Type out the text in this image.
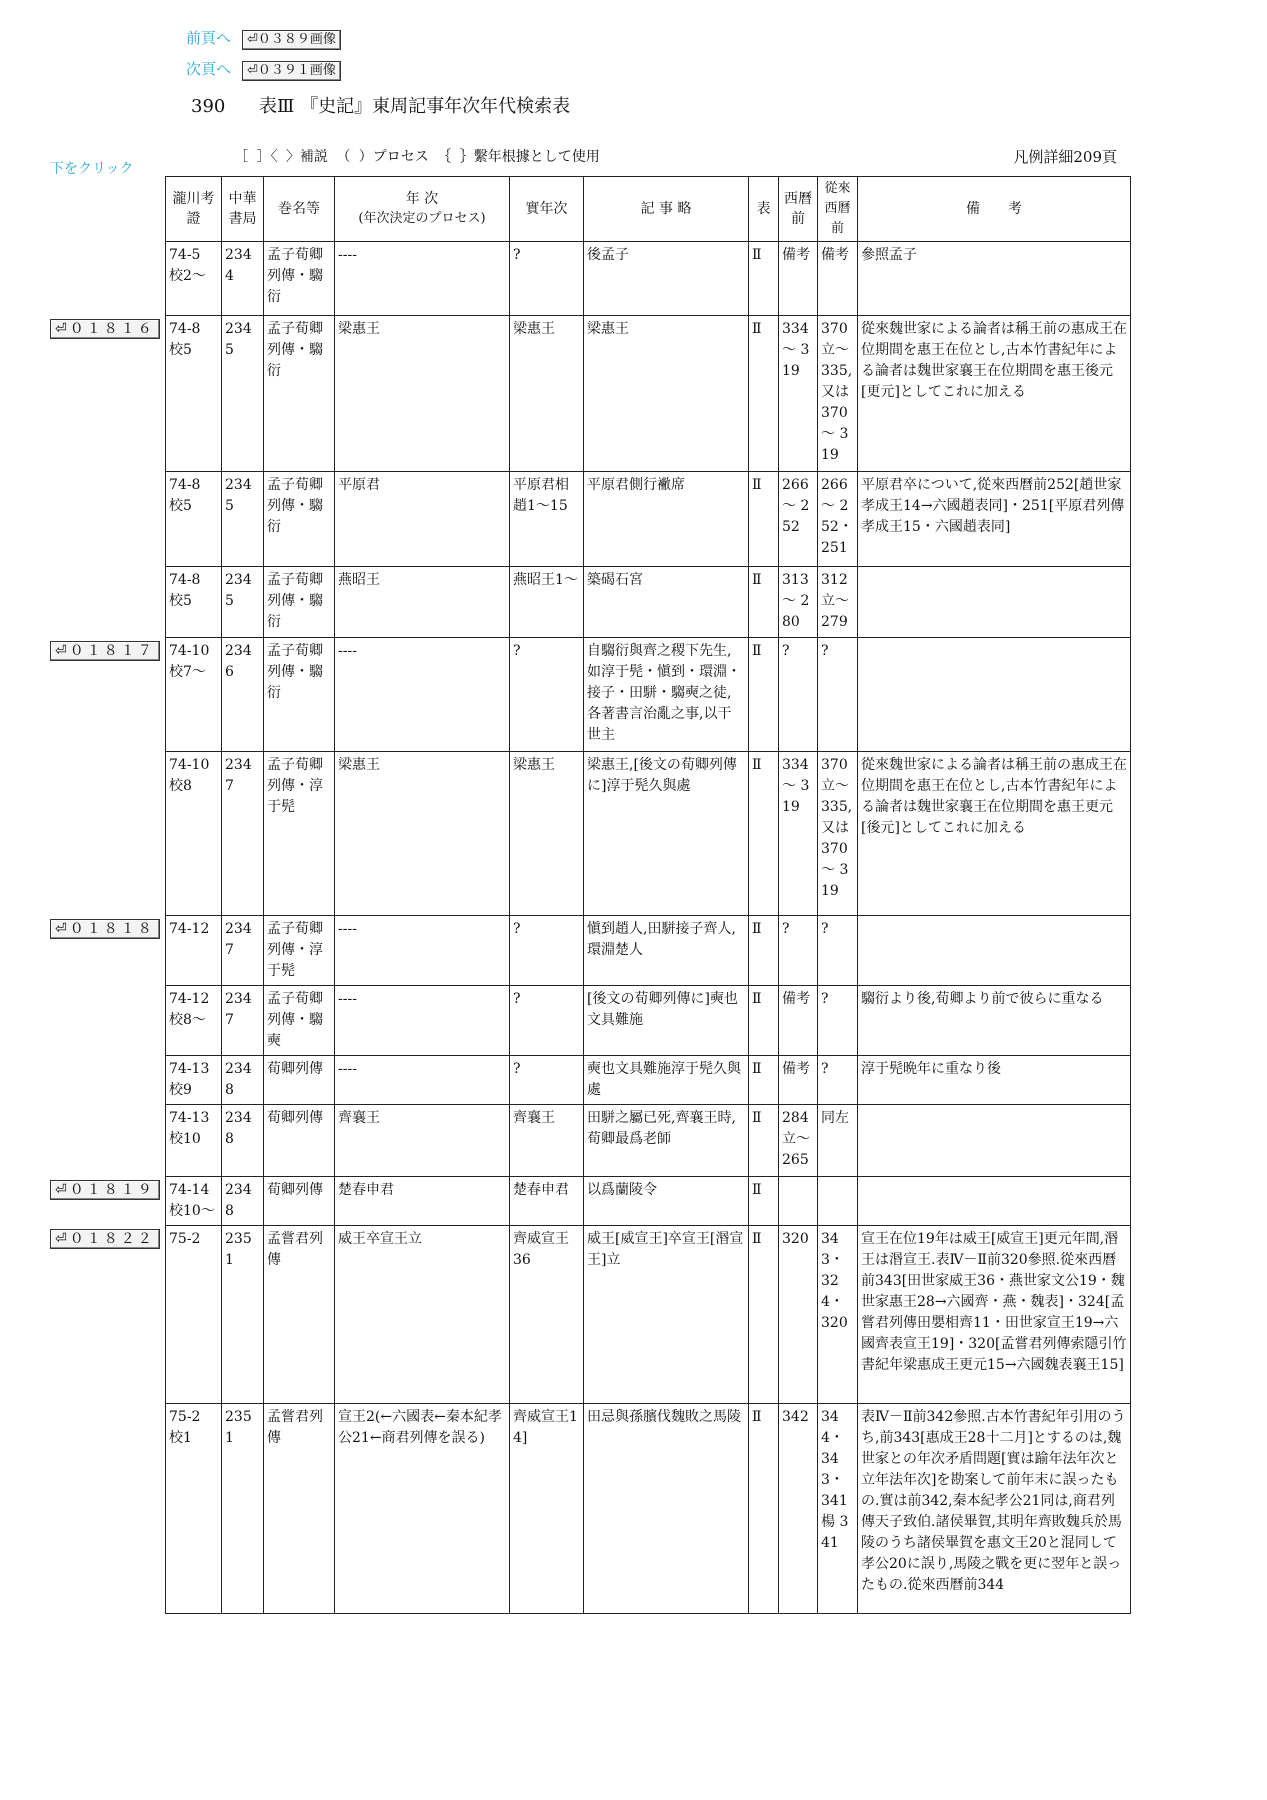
前頁へ ⏎０３８９画像
次頁へ ⏎０３９１画像
390 表Ⅲ 『史記』東周記事年次年代検索表
下をクリック
［ ］〈 〉補説 （ ）プロセス ｛ ｝繫年根據として使用	凡例詳細209頁
瀧川考證	中華書局	巻名等	年 次
(年次決定のプロセス)	實年次	記 事 略	表	西曆前	從來西曆前	備　　考
74-5 校2〜	2344	孟子荀卿列傳・騶衍	----	?	後孟子	Ⅱ	備考	備考	參照孟子
74-8 校5	2345	孟子荀卿列傳・騶衍	梁惠王	梁惠王	梁惠王	Ⅱ	334 〜 319	370 立〜 335, 又は 370 〜 319	從來魏世家による論者は稱王前の惠成王在位期間を惠王在位とし,古本竹書紀年による論者は魏世家襄王在位期間を惠王後元[更元]としてこれに加える
74-8 校5	2345	孟子荀卿列傳・騶衍	平原君	平原君相趙1〜15	平原君側行襒席	Ⅱ	266 〜 252	266 〜 252・ 251	平原君卒について,從來西曆前252[趙世家孝成王14→六國趙表同]・251[平原君列傳孝成王15・六國趙表同]
74-8 校5	2345	孟子荀卿列傳・騶衍	燕昭王	燕昭王1〜	築碣石宮	Ⅱ	313 〜 280	312 立〜 279	
74-10 校7〜	2346	孟子荀卿列傳・騶衍	----	?	自騶衍與齊之稷下先生,如淳于髡・愼到・環淵・接子・田駢・騶奭之徒,各著書言治亂之事,以干世主	Ⅱ	?	?	
74-10 校8	2347	孟子荀卿列傳・淳于髡	梁惠王	梁惠王	梁惠王,[後文の荀卿列傳に]淳于髡久與處	Ⅱ	334 〜 319	370 立〜 335, 又は 370 〜 319	從來魏世家による論者は稱王前の惠成王在位期間を惠王在位とし,古本竹書紀年による論者は魏世家襄王在位期間を惠王更元[後元]としてこれに加える
74-12	2347	孟子荀卿列傳・淳于髡	----	?	愼到趙人,田駢接子齊人,環淵楚人	Ⅱ	?	?	
74-12 校8〜	2347	孟子荀卿列傳・騶奭	----	?	[後文の荀卿列傳に]奭也文具難施	Ⅱ	備考	?	騶衍より後,荀卿より前で彼らに重なる
74-13 校9	2348	荀卿列傳	----	?	奭也文具難施淳于髡久與處	Ⅱ	備考	?	淳于髡晩年に重なり後
74-13 校10	2348	荀卿列傳	齊襄王	齊襄王	田駢之屬已死,齊襄王時,荀卿最爲老師	Ⅱ	284 立〜 265	同左	
74-14 校10〜	2348	荀卿列傳	楚春申君	楚春申君	以爲蘭陵令	Ⅱ			
75-2	2351	孟嘗君列傳	威王卒宣王立	齊威宣王 36	威王[威宣王]卒宣王[湣宣王]立	Ⅱ	320	343・ 324・ 320	宣王在位19年は威王[威宣王]更元年間,湣王は湣宣王.表Ⅳ－Ⅱ前320參照.從來西曆前343[田世家威王36・燕世家文公19・魏世家惠王28→六國齊・燕・魏表]・324[孟嘗君列傳田嬰相齊11・田世家宣王19→六國齊表宣王19]・320[孟嘗君列傳索隱引竹書紀年梁惠成王更元15→六國魏表襄王15]
75-2 校1	2351	孟嘗君列傳	宣王2(←六國表←秦本紀孝公21←商君列傳を誤る)	齊威宣王14]	田忌與孫臏伐魏敗之馬陵	Ⅱ	342	344・ 343・ 341 楊 341	表Ⅳ－Ⅱ前342參照.古本竹書紀年引用のうち,前343[惠成王28十二月]とするのは,魏世家との年次矛盾問題[實は踰年法年次と立年法年次]を勘案して前年末に誤ったもの.實は前342,秦本紀孝公21同は,商君列傳天子致伯.諸侯畢賀,其明年齊敗魏兵於馬陵のうち諸侯畢賀を惠文王20と混同して孝公20に誤り,馬陵之戰を更に翌年と誤ったもの.從來西曆前344
⏎０１８１６
⏎０１８１７
⏎０１８１８
⏎０１８１９
⏎０１８２２
